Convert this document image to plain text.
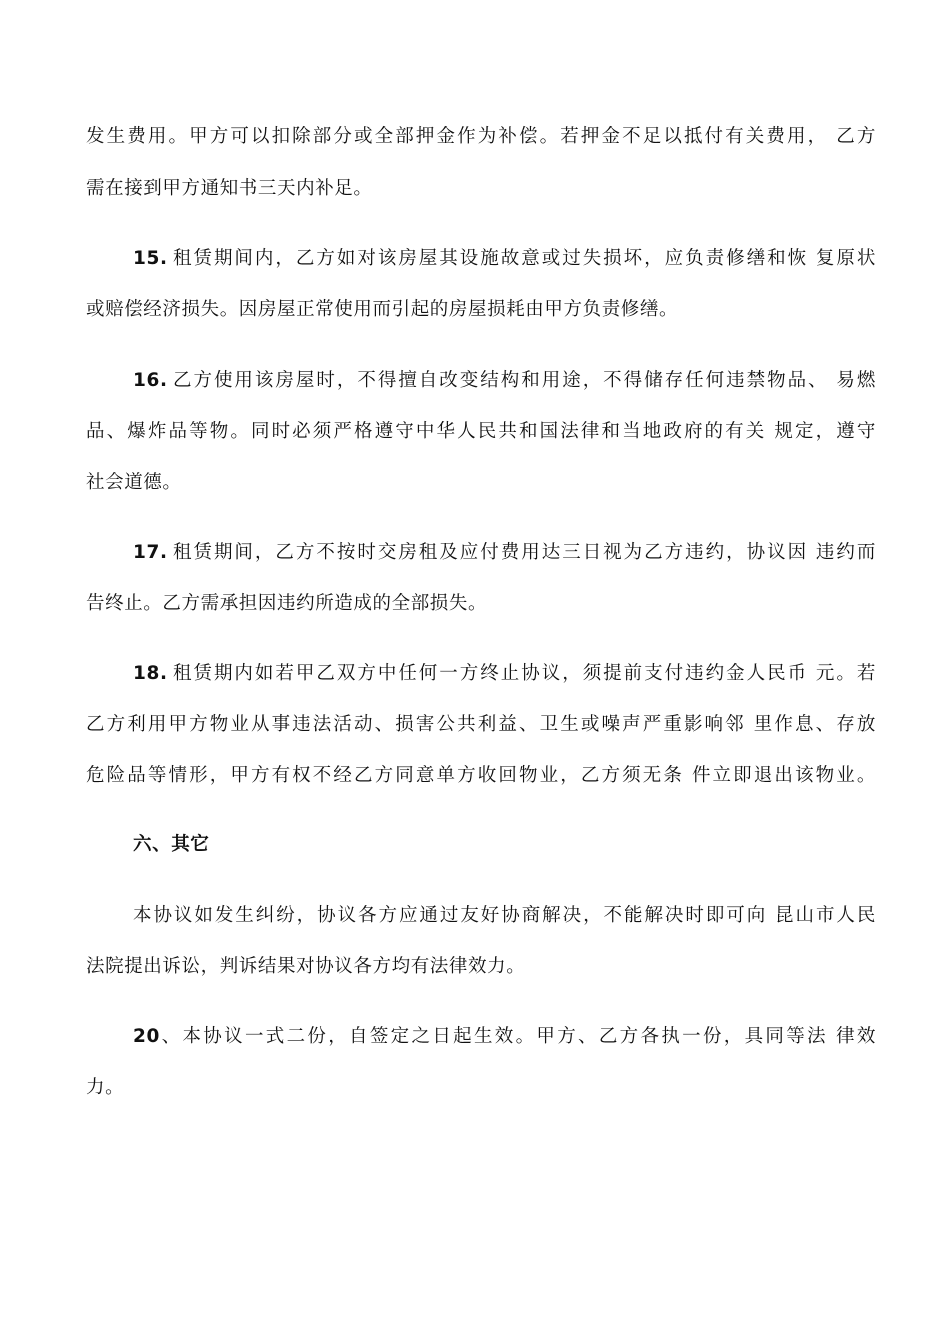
发生费用。甲方可以扣除部分或全部押金作为补偿。若押金不足以抵付有关费用， 乙方
需在接到甲方通知书三天内补足。
15. 租赁期间内，乙方如对该房屋其设施故意或过失损坏，应负责修缮和恢 复原状
或赔偿经济损失。因房屋正常使用而引起的房屋损耗由甲方负责修缮。
16. 乙方使用该房屋时，不得擅自改变结构和用途，不得储存任何违禁物品、 易燃
品、爆炸品等物。同时必须严格遵守中华人民共和国法律和当地政府的有关 规定，遵守
社会道德。
17. 租赁期间，乙方不按时交房租及应付费用达三日视为乙方违约，协议因 违约而
告终止。乙方需承担因违约所造成的全部损失。
18. 租赁期内如若甲乙双方中任何一方终止协议，须提前支付违约金人民币 元。若
乙方利用甲方物业从事违法活动、损害公共利益、卫生或噪声严重影响邻 里作息、存放
危险品等情形，甲方有权不经乙方同意单方收回物业，乙方须无条 件立即退出该物业。
六、其它
本协议如发生纠纷，协议各方应通过友好协商解决，不能解决时即可向 昆山市人民
法院提出诉讼，判诉结果对协议各方均有法律效力。
20、本协议一式二份，自签定之日起生效。甲方、乙方各执一份，具同等法 律效
力。
